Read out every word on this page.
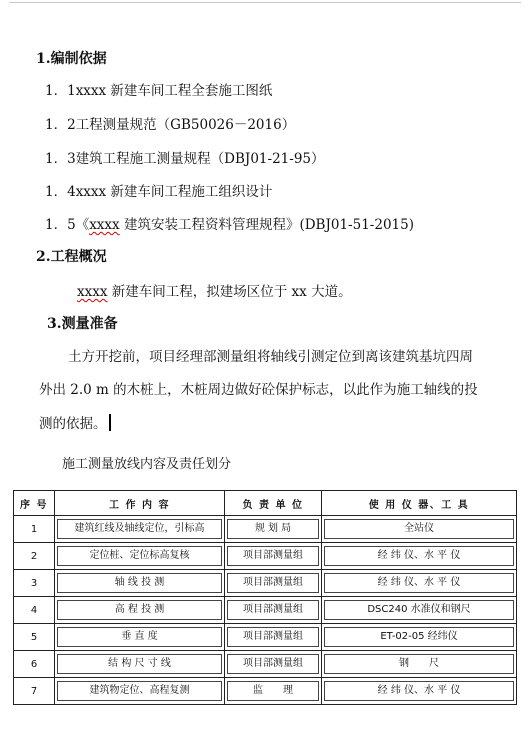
1.编制依据
1．1xxxx 新建车间工程全套施工图纸
1．2工程测量规范（GB50026－2016）
1．3建筑工程施工测量规程（DBJ01-21-95）
1．4xxxx 新建车间工程施工组织设计
1．5《xxxx 建筑安装工程资料管理规程》(DBJ01-51-2015)
2.工程概况
xxxx 新建车间工程，拟建场区位于 xx 大道。
3.测量准备
土方开挖前，项目经理部测量组将轴线引测定位到离该建筑基坑四周
外出 2.0 m 的木桩上，木桩周边做好砼保护标志，以此作为施工轴线的投
测的依据。
施工测量放线内容及责任划分
序 号	工 作 内 容	负 责 单 位	使 用 仪 器、工 具
1	建筑红线及轴线定位，引标高	规 划 局	全站仪

2	定位桩、定位标高复核	项目部测量组	经 纬 仪、水 平 仪

3	轴 线 投 测	项目部测量组	经 纬 仪、水 平 仪

4	高 程 投 测	项目部测量组	DSC240 水准仪和钢尺

5	垂 直 度	项目部测量组	ET-02-05 经纬仪

6	结 构 尺 寸 线	项目部测量组	钢　　尺

7	建筑物定位、高程复测	监　　理	经 纬 仪、水 平 仪
